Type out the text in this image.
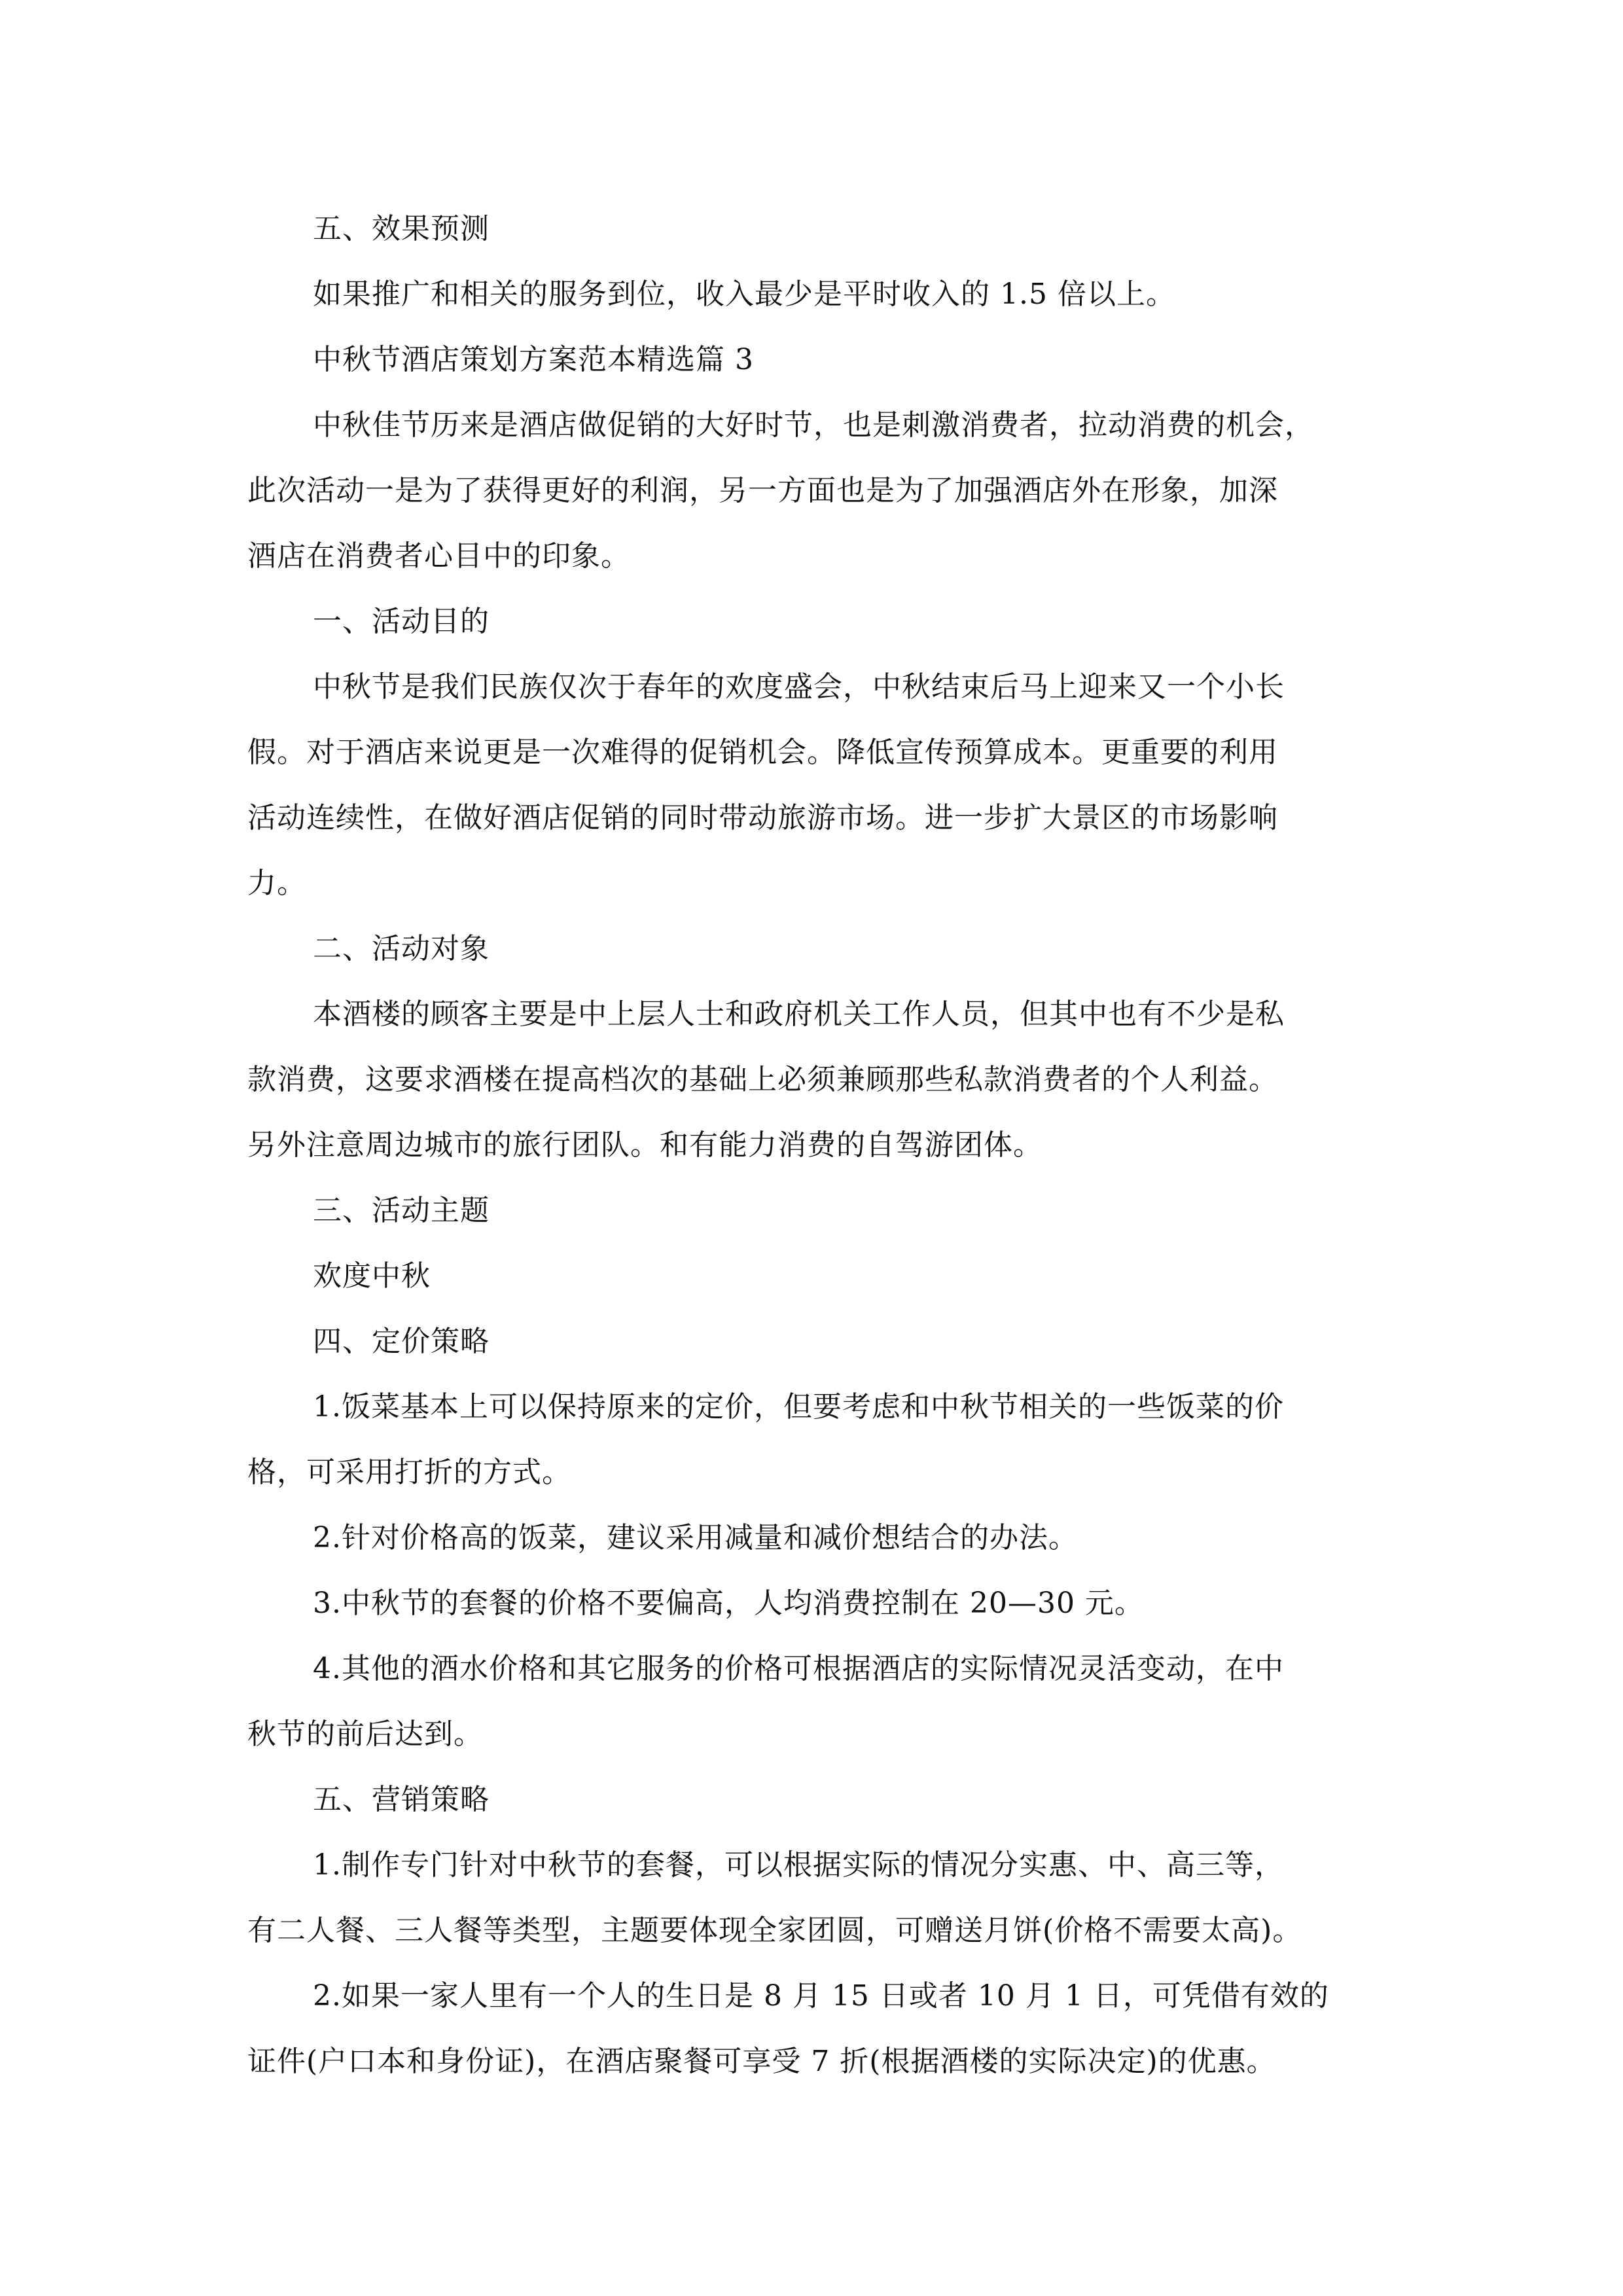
五、效果预测
如果推广和相关的服务到位，收入最少是平时收入的 1.5 倍以上。
中秋节酒店策划方案范本精选篇 3
中秋佳节历来是酒店做促销的大好时节，也是刺激消费者，拉动消费的机会，
此次活动一是为了获得更好的利润，另一方面也是为了加强酒店外在形象，加深
酒店在消费者心目中的印象。
一、活动目的
中秋节是我们民族仅次于春年的欢度盛会，中秋结束后马上迎来又一个小长
假。对于酒店来说更是一次难得的促销机会。降低宣传预算成本。更重要的利用
活动连续性，在做好酒店促销的同时带动旅游市场。进一步扩大景区的市场影响
力。
二、活动对象
本酒楼的顾客主要是中上层人士和政府机关工作人员，但其中也有不少是私
款消费，这要求酒楼在提高档次的基础上必须兼顾那些私款消费者的个人利益。
另外注意周边城市的旅行团队。和有能力消费的自驾游团体。
三、活动主题
欢度中秋
四、定价策略
1.饭菜基本上可以保持原来的定价，但要考虑和中秋节相关的一些饭菜的价
格，可采用打折的方式。
2.针对价格高的饭菜，建议采用减量和减价想结合的办法。
3.中秋节的套餐的价格不要偏高，人均消费控制在 20—30 元。
4.其他的酒水价格和其它服务的价格可根据酒店的实际情况灵活变动，在中
秋节的前后达到。
五、营销策略
1.制作专门针对中秋节的套餐，可以根据实际的情况分实惠、中、高三等，
有二人餐、三人餐等类型，主题要体现全家团圆，可赠送月饼(价格不需要太高)。
2.如果一家人里有一个人的生日是 8 月 15 日或者 10 月 1 日，可凭借有效的
证件(户口本和身份证)，在酒店聚餐可享受 7 折(根据酒楼的实际决定)的优惠。
